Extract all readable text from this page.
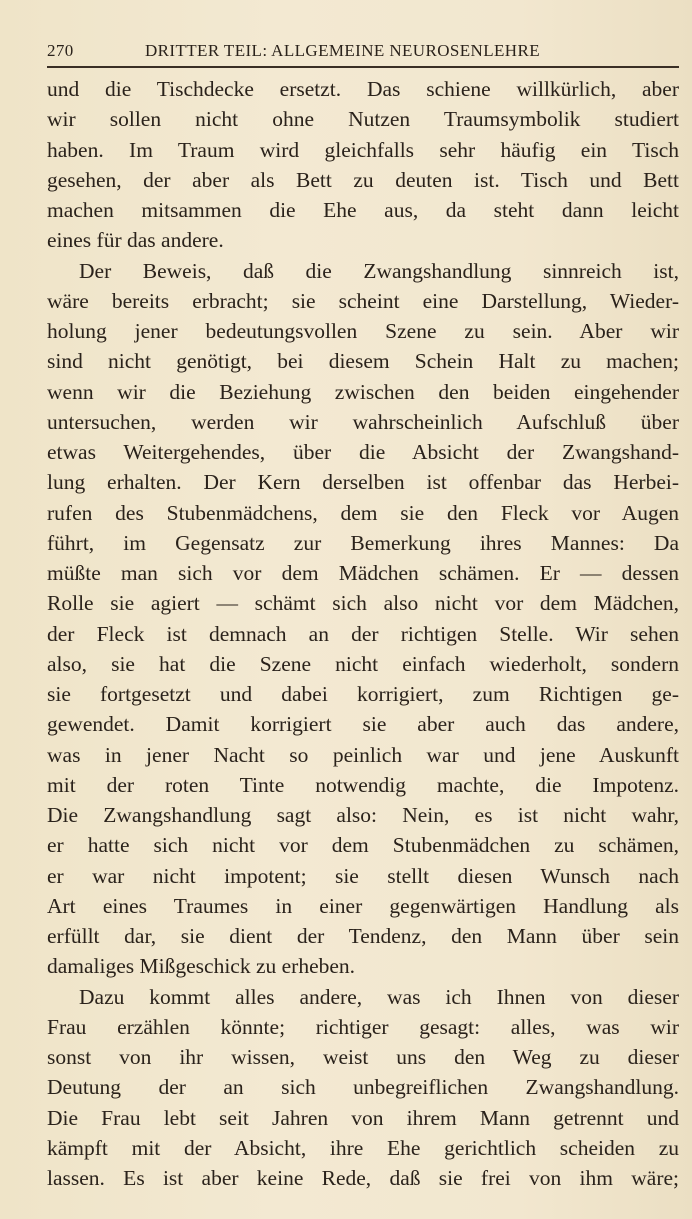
270	DRITTER TEIL: ALLGEMEINE NEUROSENLEHRE
und die Tischdecke ersetzt. Das schiene willkürlich, aber
wir sollen nicht ohne Nutzen Traumsymbolik studiert
haben. Im Traum wird gleichfalls sehr häufig ein Tisch
gesehen, der aber als Bett zu deuten ist. Tisch und Bett
machen mitsammen die Ehe aus, da steht dann leicht
eines für das andere.
Der Beweis, daß die Zwangshandlung sinnreich ist,
wäre bereits erbracht; sie scheint eine Darstellung, Wieder-
holung jener bedeutungsvollen Szene zu sein. Aber wir
sind nicht genötigt, bei diesem Schein Halt zu machen;
wenn wir die Beziehung zwischen den beiden eingehender
untersuchen, werden wir wahrscheinlich Aufschluß über
etwas Weitergehendes, über die Absicht der Zwangshand-
lung erhalten. Der Kern derselben ist offenbar das Herbei-
rufen des Stubenmädchens, dem sie den Fleck vor Augen
führt, im Gegensatz zur Bemerkung ihres Mannes: Da
müßte man sich vor dem Mädchen schämen. Er — dessen
Rolle sie agiert — schämt sich also nicht vor dem Mädchen,
der Fleck ist demnach an der richtigen Stelle. Wir sehen
also, sie hat die Szene nicht einfach wiederholt, sondern
sie fortgesetzt und dabei korrigiert, zum Richtigen ge-
gewendet. Damit korrigiert sie aber auch das andere,
was in jener Nacht so peinlich war und jene Auskunft
mit der roten Tinte notwendig machte, die Impotenz.
Die Zwangshandlung sagt also: Nein, es ist nicht wahr,
er hatte sich nicht vor dem Stubenmädchen zu schämen,
er war nicht impotent; sie stellt diesen Wunsch nach
Art eines Traumes in einer gegenwärtigen Handlung als
erfüllt dar, sie dient der Tendenz, den Mann über sein
damaliges Mißgeschick zu erheben.
Dazu kommt alles andere, was ich Ihnen von dieser
Frau erzählen könnte; richtiger gesagt: alles, was wir
sonst von ihr wissen, weist uns den Weg zu dieser
Deutung der an sich unbegreiflichen Zwangshandlung.
Die Frau lebt seit Jahren von ihrem Mann getrennt und
kämpft mit der Absicht, ihre Ehe gerichtlich scheiden zu
lassen. Es ist aber keine Rede, daß sie frei von ihm wäre;
